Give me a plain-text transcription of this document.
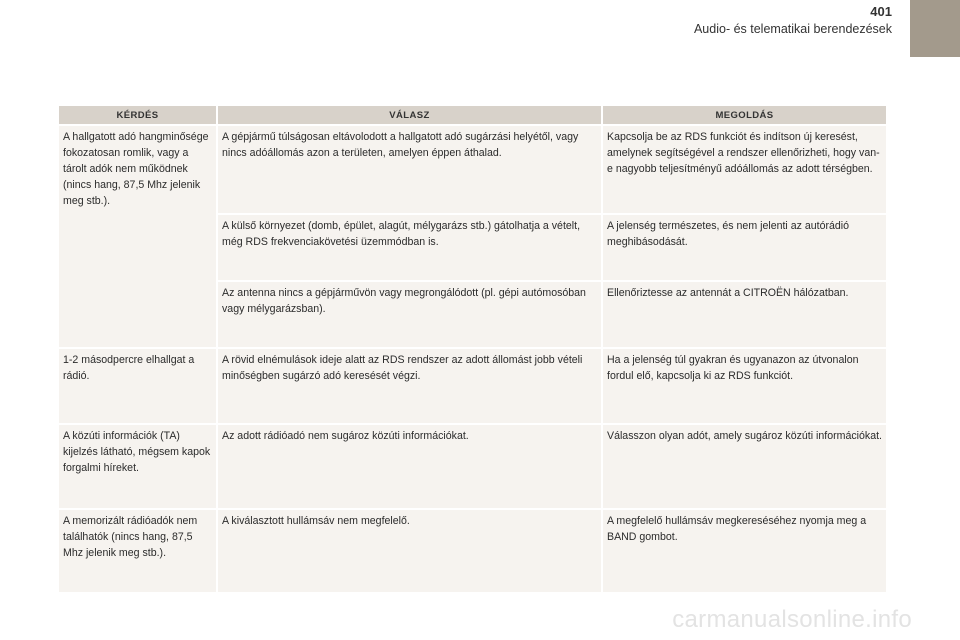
401
Audio- és telematikai berendezések
KÉRDÉS	VÁLASZ	MEGOLDÁS
A hallgatott adó hangminősége fokozatosan romlik, vagy a tárolt adók nem működnek (nincs hang, 87,5 Mhz jelenik meg stb.).	A gépjármű túlságosan eltávolodott a hallgatott adó sugárzási helyétől, vagy nincs adóállomás azon a területen, amelyen éppen áthalad.	Kapcsolja be az RDS funkciót és indítson új keresést, amelynek segítségével a rendszer ellenőrizheti, hogy van-e nagyobb teljesítményű adóállomás az adott térségben.
	A külső környezet (domb, épület, alagút, mélygarázs stb.) gátolhatja a vételt, még RDS frekvenciakövetési üzemmódban is.	A jelenség természetes, és nem jelenti az autórádió meghibásodását.
	Az antenna nincs a gépjárművön vagy megrongálódott (pl. gépi autómosóban vagy mélygarázsban).	Ellenőriztesse az antennát a CITROËN hálózatban.
1-2 másodpercre elhallgat a rádió.	A rövid elnémulások ideje alatt az RDS rendszer az adott állomást jobb vételi minőségben sugárzó adó keresését végzi.	Ha a jelenség túl gyakran és ugyanazon az útvonalon fordul elő, kapcsolja ki az RDS funkciót.
A közúti információk (TA) kijelzés látható, mégsem kapok forgalmi híreket.	Az adott rádióadó nem sugároz közúti információkat.	Válasszon olyan adót, amely sugároz közúti információkat.
A memorizált rádióadók nem találhatók (nincs hang, 87,5 Mhz jelenik meg stb.).	A kiválasztott hullámsáv nem megfelelő.	A megfelelő hullámsáv megkereséséhez nyomja meg a BAND gombot.
carmanualsonline.info
